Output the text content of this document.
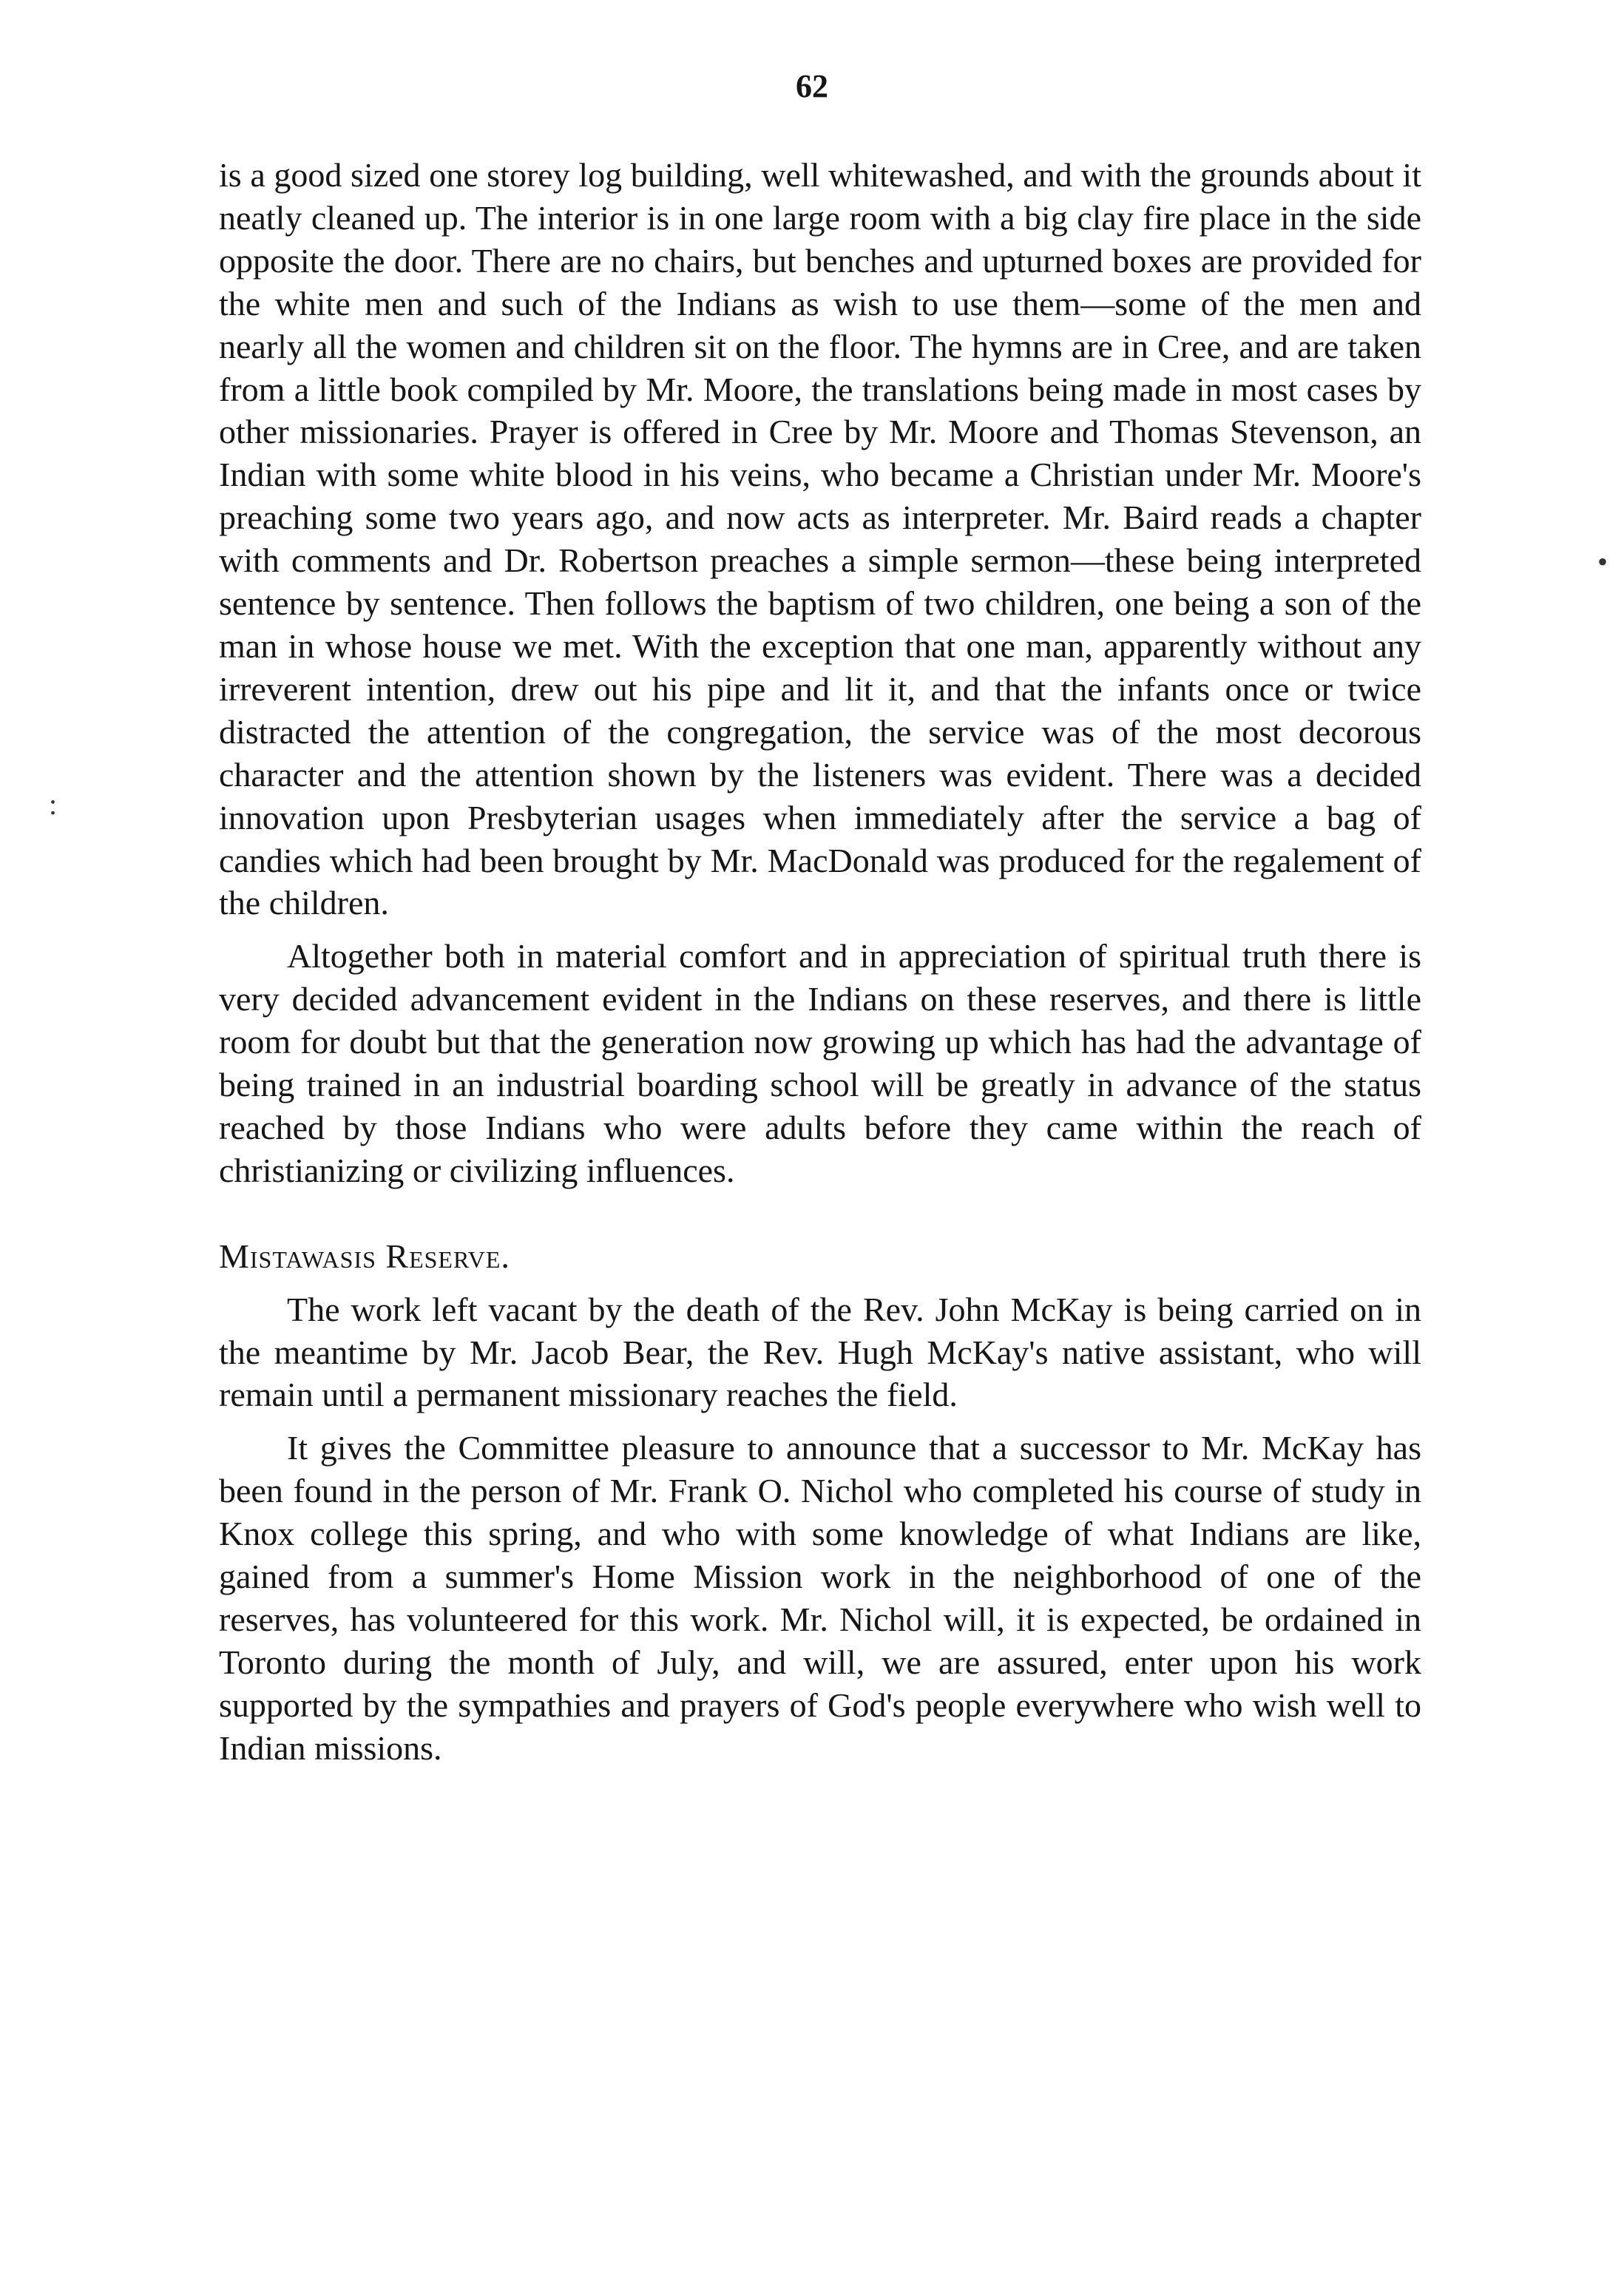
62

is a good sized one storey log building, well whitewashed, and with the grounds about it neatly cleaned up. The interior is in one large room with a big clay fire place in the side opposite the door. There are no chairs, but benches and upturned boxes are provided for the white men and such of the Indians as wish to use them—some of the men and nearly all the women and children sit on the floor. The hymns are in Cree, and are taken from a little book compiled by Mr. Moore, the translations being made in most cases by other missionaries. Prayer is offered in Cree by Mr. Moore and Thomas Stevenson, an Indian with some white blood in his veins, who became a Christian under Mr. Moore's preaching some two years ago, and now acts as interpreter. Mr. Baird reads a chapter with comments and Dr. Robertson preaches a simple sermon—these being interpreted sentence by sentence. Then follows the baptism of two children, one being a son of the man in whose house we met. With the exception that one man, apparently without any irreverent intention, drew out his pipe and lit it, and that the infants once or twice distracted the attention of the congregation, the service was of the most decorous character and the attention shown by the listeners was evident. There was a decided innovation upon Presbyterian usages when immediately after the service a bag of candies which had been brought by Mr. MacDonald was produced for the regalement of the children.

Altogether both in material comfort and in appreciation of spiritual truth there is very decided advancement evident in the Indians on these reserves, and there is little room for doubt but that the generation now growing up which has had the advantage of being trained in an industrial boarding school will be greatly in advance of the status reached by those Indians who were adults before they came within the reach of christianizing or civilizing influences.

Mistawasis Reserve.

The work left vacant by the death of the Rev. John McKay is being carried on in the meantime by Mr. Jacob Bear, the Rev. Hugh McKay's native assistant, who will remain until a permanent missionary reaches the field.

It gives the Committee pleasure to announce that a successor to Mr. McKay has been found in the person of Mr. Frank O. Nichol who completed his course of study in Knox college this spring, and who with some knowledge of what Indians are like, gained from a summer's Home Mission work in the neighborhood of one of the reserves, has volunteered for this work. Mr. Nichol will, it is expected, be ordained in Toronto during the month of July, and will, we are assured, enter upon his work supported by the sympathies and prayers of God's people everywhere who wish well to Indian missions.

•
:
